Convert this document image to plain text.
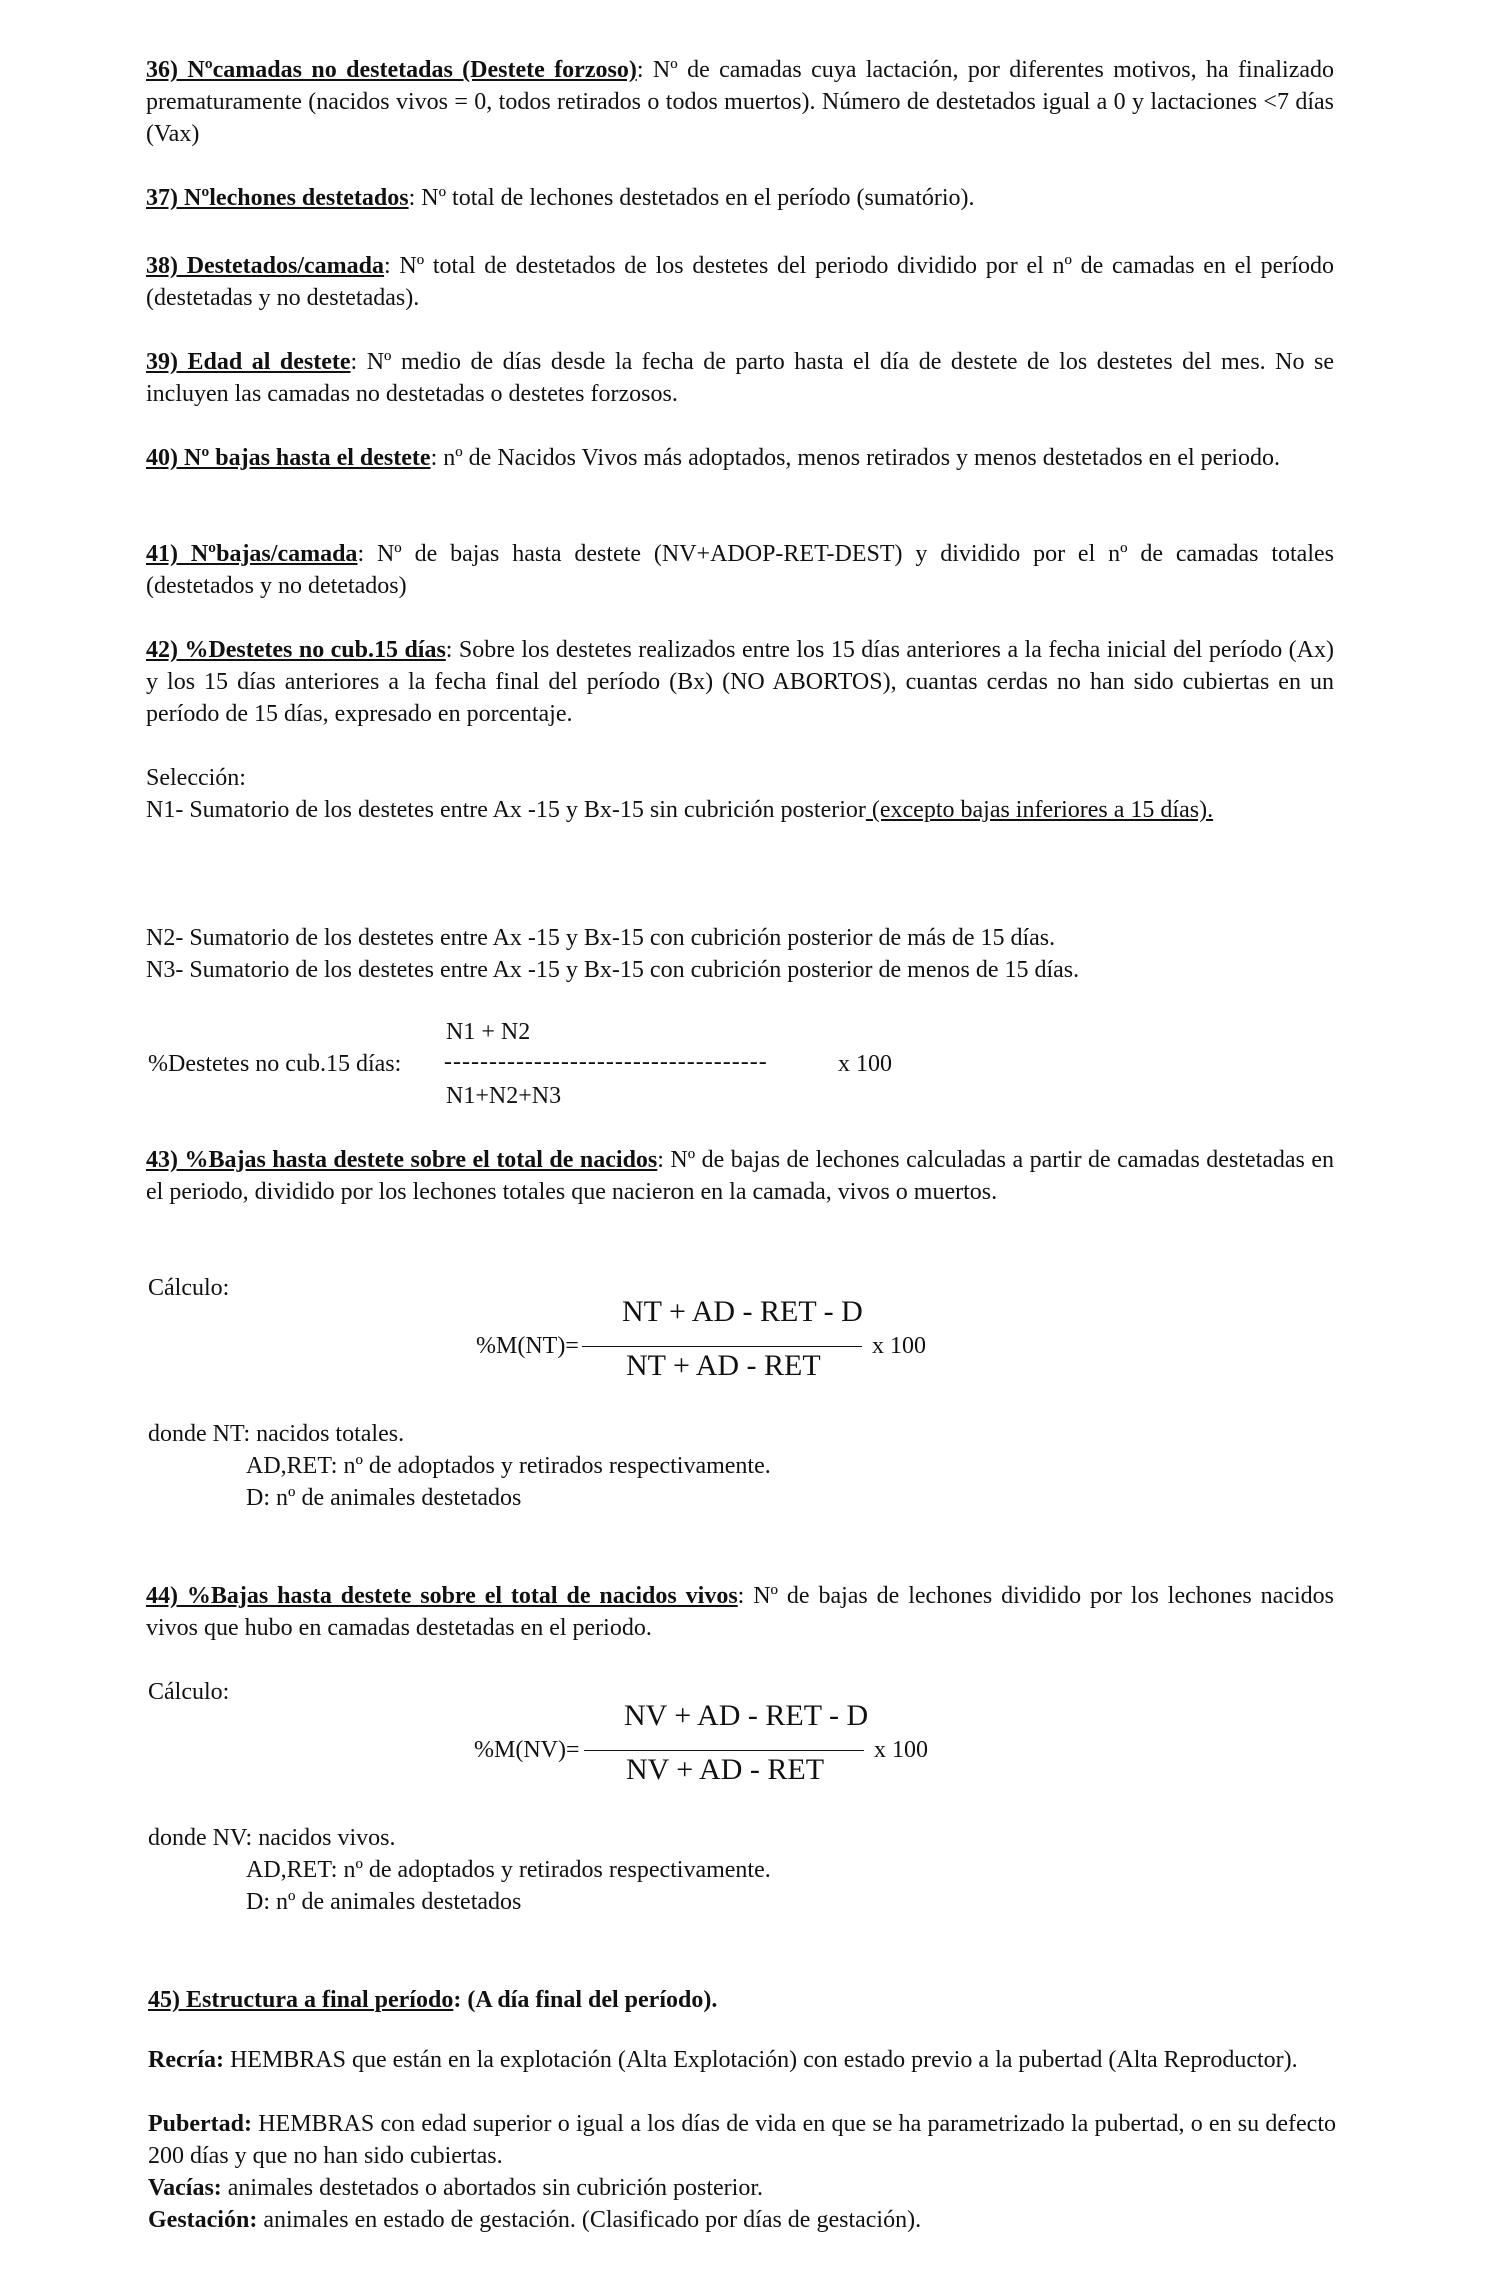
36) Nºcamadas no destetadas (Destete forzoso): Nº de camadas cuya lactación, por diferentes motivos, ha finalizado prematuramente (nacidos vivos = 0, todos retirados o todos muertos). Número de destetados igual a 0 y lactaciones <7 días (Vax)

37) Nºlechones destetados: Nº total de lechones destetados en el período (sumatório).

38) Destetados/camada: Nº total de destetados de los destetes del periodo dividido por el nº de camadas en el período (destetadas y no destetadas).

39) Edad al destete: Nº medio de días desde la fecha de parto hasta el día de destete de los destetes del mes. No se incluyen las camadas no destetadas o destetes forzosos.

40) Nº bajas hasta el destete: nº de Nacidos Vivos más adoptados, menos retirados y menos destetados en el periodo.

41) Nºbajas/camada: Nº de bajas hasta destete (NV+ADOP-RET-DEST) y dividido por el nº de camadas totales (destetados y no detetados)

42) %Destetes no cub.15 días: Sobre los destetes realizados entre los 15 días anteriores a la fecha inicial del período (Ax) y los 15 días anteriores a la fecha final del período (Bx) (NO ABORTOS), cuantas cerdas no han sido cubiertas en un período de 15 días, expresado en porcentaje.

Selección:

N1- Sumatorio de los destetes entre Ax -15 y Bx-15 sin cubrición posterior (excepto bajas inferiores a 15 días).

N2- Sumatorio de los destetes entre Ax -15 y Bx-15 con cubrición posterior de más de 15 días.

N3- Sumatorio de los destetes entre Ax -15 y Bx-15 con cubrición posterior de menos de 15 días.

N1 + N2
%Destetes no cub.15 días: ------------------------------------	x 100
N1+N2+N3

43) %Bajas hasta destete sobre el total de nacidos: Nº de bajas de lechones calculadas a partir de camadas destetadas en el periodo, dividido por los lechones totales que nacieron en la camada, vivos o muertos.

Cálculo:

%M(NT)=
NT + AD - RET - D
NT + AD - RET
x 100

donde NT: nacidos totales.

AD,RET: nº de adoptados y retirados respectivamente.

D: nº de animales destetados

44) %Bajas hasta destete sobre el total de nacidos vivos: Nº de bajas de lechones dividido por los lechones nacidos vivos que hubo en camadas destetadas en el periodo.

Cálculo:

%M(NV)=
NV + AD - RET - D
NV + AD - RET
x 100

donde NV: nacidos vivos.

AD,RET: nº de adoptados y retirados respectivamente.

D: nº de animales destetados

45) Estructura a final período: (A día final del período).

Recría: HEMBRAS que están en la explotación (Alta Explotación) con estado previo a la pubertad (Alta Reproductor).

Pubertad: HEMBRAS con edad superior o igual a los días de vida en que se ha parametrizado la pubertad, o en su defecto 200 días y que no han sido cubiertas.

Vacías: animales destetados o abortados sin cubrición posterior.

Gestación: animales en estado de gestación. (Clasificado por días de gestación).
